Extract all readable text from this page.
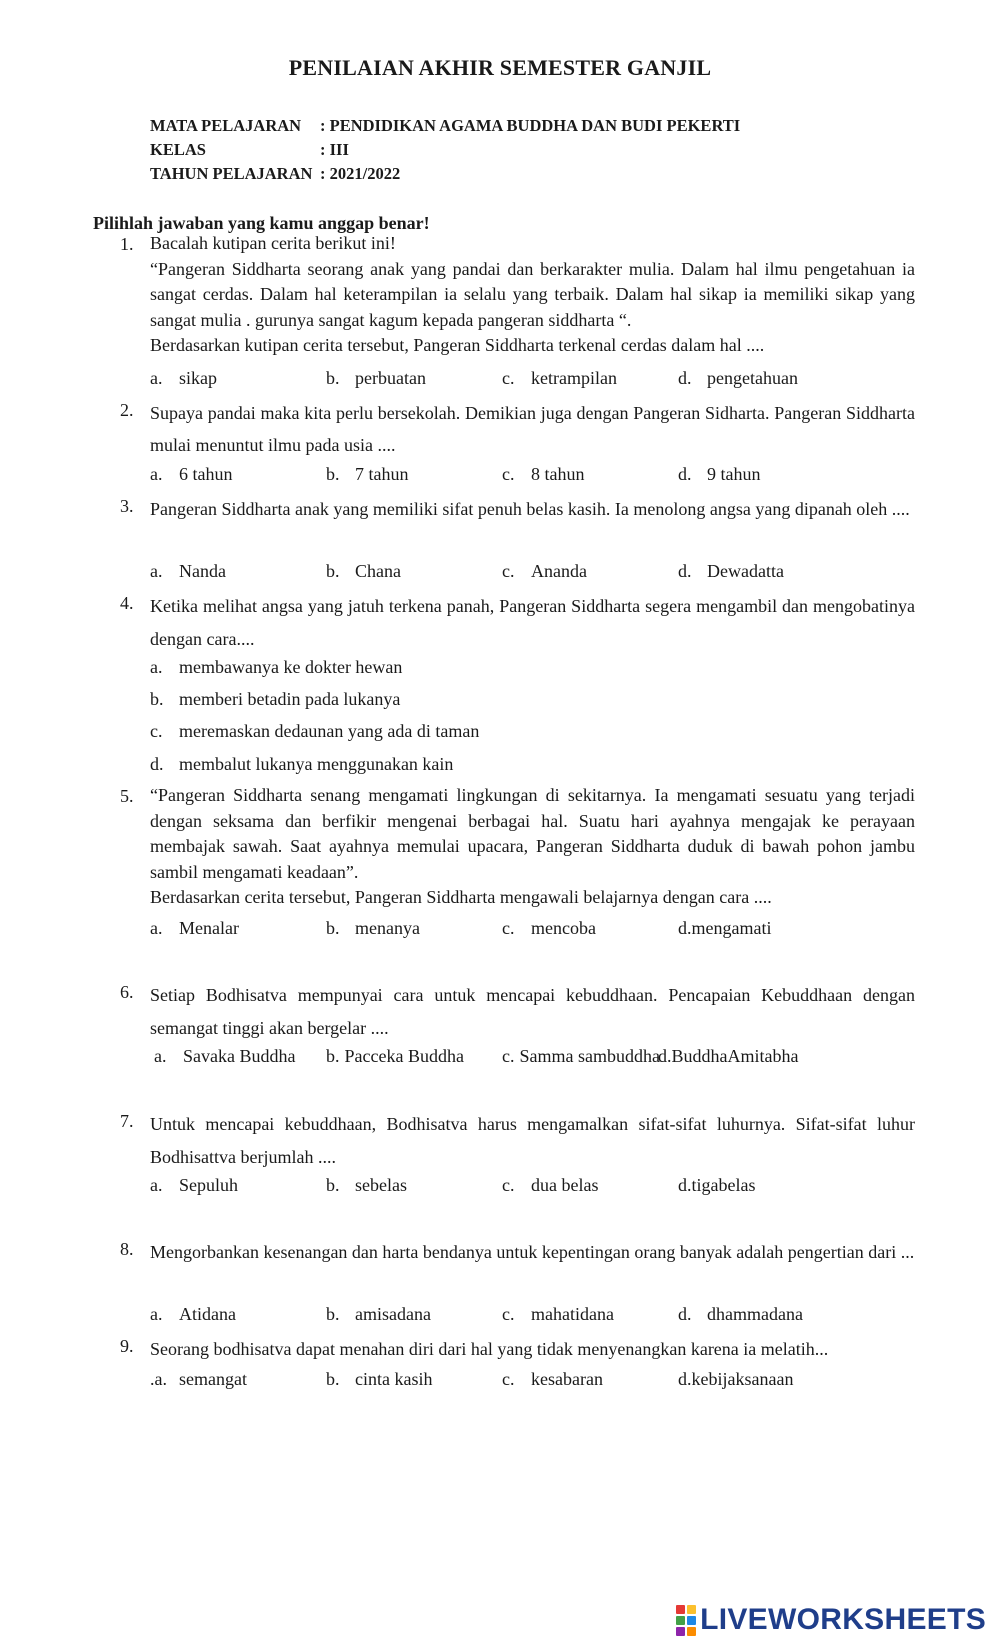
PENILAIAN AKHIR SEMESTER GANJIL
MATA PELAJARAN	: PENDIDIKAN AGAMA BUDDHA DAN BUDI PEKERTI
KELAS	: III
TAHUN PELAJARAN : 2021/2022
Pilihlah jawaban yang kamu anggap benar!
1. Bacalah kutipan cerita berikut ini!
“Pangeran Siddharta seorang anak yang pandai dan berkarakter mulia. Dalam hal ilmu pengetahuan ia sangat cerdas. Dalam hal keterampilan ia selalu yang terbaik. Dalam hal sikap ia memiliki sikap yang sangat mulia . gurunya sangat kagum kepada pangeran siddharta “.
Berdasarkan kutipan cerita tersebut, Pangeran Siddharta terkenal cerdas dalam hal ....
a. sikap	b. perbuatan	c. ketrampilan	d. pengetahuan
2. Supaya pandai maka kita perlu bersekolah. Demikian juga dengan Pangeran Sidharta. Pangeran Siddharta mulai menuntut ilmu pada usia ....
a. 6 tahun	b. 7 tahun	c. 8 tahun	d. 9 tahun
3. Pangeran Siddharta anak yang memiliki sifat penuh belas kasih. Ia menolong angsa yang dipanah oleh ....
a. Nanda	b. Chana	c. Ananda	d. Dewadatta
4. Ketika melihat angsa yang jatuh terkena panah, Pangeran Siddharta segera mengambil dan mengobatinya dengan cara....
a. membawanya ke dokter hewan
b. memberi betadin pada lukanya
c. meremaskan dedaunan yang ada di taman
d. membalut lukanya menggunakan kain
5. “Pangeran Siddharta senang mengamati lingkungan di sekitarnya. Ia mengamati sesuatu yang terjadi dengan seksama dan berfikir mengenai berbagai hal. Suatu hari ayahnya mengajak ke perayaan membajak sawah. Saat ayahnya memulai upacara, Pangeran Siddharta duduk di bawah pohon jambu sambil mengamati keadaan”.
Berdasarkan cerita tersebut, Pangeran Siddharta mengawali belajarnya dengan cara ....
a. Menalar	b. menanya	c. mencoba	d.mengamati
6. Setiap Bodhisatva mempunyai cara untuk mencapai kebuddhaan. Pencapaian Kebuddhaan dengan semangat tinggi akan bergelar ....
a. Savaka Buddha b. Pacceka Buddha c. Samma sambuddha
d.BuddhaAmitabha
7. Untuk mencapai kebuddhaan, Bodhisatva harus mengamalkan sifat-sifat luhurnya. Sifat-sifat luhur Bodhisattva berjumlah ....
a. Sepuluh	b. sebelas	c. dua belas	d.tigabelas
8. Mengorbankan kesenangan dan harta bendanya untuk kepentingan orang banyak adalah pengertian dari ...
a. Atidana	b. amisadana	c. mahatidana	d. dhammadana
9. Seorang bodhisatva dapat menahan diri dari hal yang tidak menyenangkan karena ia melatih...
.a. semangat	b. cinta kasih	c. kesabaran	d.kebijaksanaan
LIVEWORKSHEETS
